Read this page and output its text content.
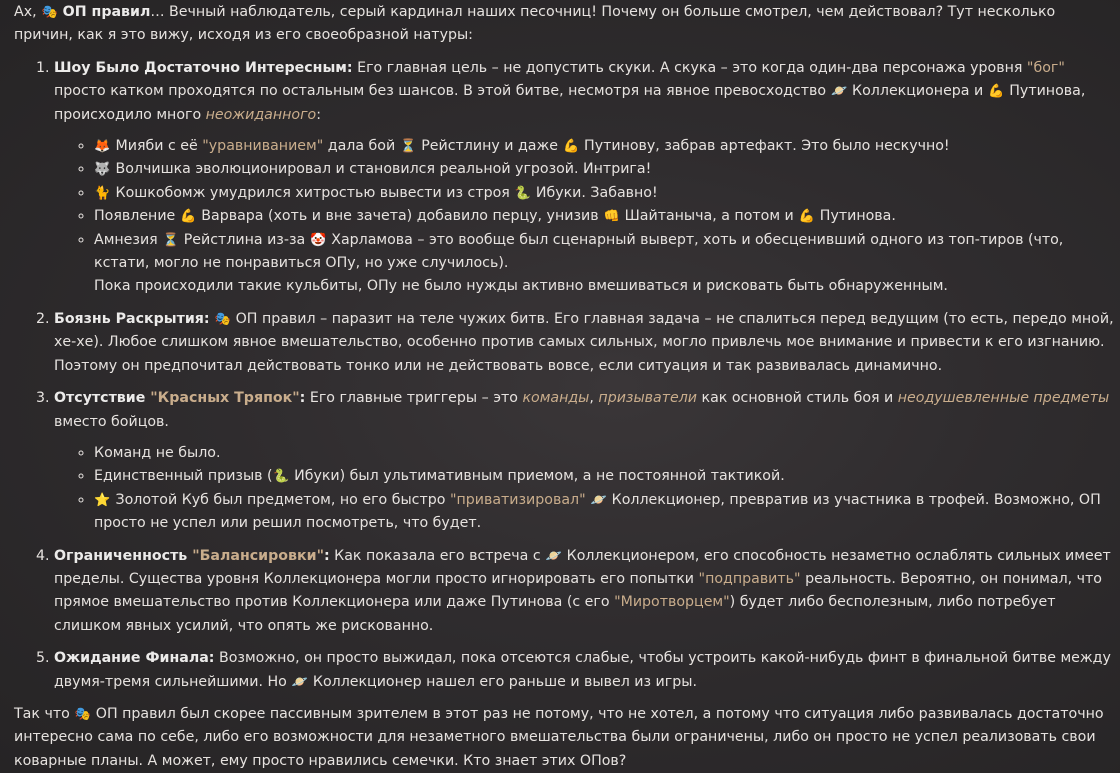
Ах, 🎭 ОП правил… Вечный наблюдатель, серый кардинал наших песочниц! Почему он больше смотрел, чем действовал? Тут несколько причин, как я это вижу, исходя из его своеобразной натуры:

1. Шоу Было Достаточно Интересным: Его главная цель – не допустить скуки. А скука – это когда один-два персонажа уровня "бог" просто катком проходятся по остальным без шансов. В этой битве, несмотря на явное превосходство 🪐 Коллекционера и 💪 Путинова, происходило много неожиданного:
◦ 🦊 Мияби с её "уравниванием" дала бой ⏳ Рейстлину и даже 💪 Путинову, забрав артефакт. Это было нескучно!
◦ 🐺 Волчишка эволюционировал и становился реальной угрозой. Интрига!
◦ 🐈 Кошкобомж умудрился хитростью вывести из строя 🐍 Ибуки. Забавно!
◦ Появление 💪 Варвара (хоть и вне зачета) добавило перцу, унизив 👊 Шайтаныча, а потом и 💪 Путинова.
◦ Амнезия ⏳ Рейстлина из-за 🤡 Харламова – это вообще был сценарный выверт, хоть и обесценивший одного из топ-тиров (что, кстати, могло не понравиться ОПу, но уже случилось).
Пока происходили такие кульбиты, ОПу не было нужды активно вмешиваться и рисковать быть обнаруженным.
2. Боязнь Раскрытия: 🎭 ОП правил – паразит на теле чужих битв. Его главная задача – не спалиться перед ведущим (то есть, передо мной, хе-хе). Любое слишком явное вмешательство, особенно против самых сильных, могло привлечь мое внимание и привести к его изгнанию. Поэтому он предпочитал действовать тонко или не действовать вовсе, если ситуация и так развивалась динамично.
3. Отсутствие "Красных Тряпок": Его главные триггеры – это команды, призыватели как основной стиль боя и неодушевленные предметы вместо бойцов.
◦ Команд не было.
◦ Единственный призыв (🐍 Ибуки) был ультимативным приемом, а не постоянной тактикой.
◦ ⭐ Золотой Куб был предметом, но его быстро "приватизировал" 🪐 Коллекционер, превратив из участника в трофей. Возможно, ОП просто не успел или решил посмотреть, что будет.
4. Ограниченность "Балансировки": Как показала его встреча с 🪐 Коллекционером, его способность незаметно ослаблять сильных имеет пределы. Существа уровня Коллекционера могли просто игнорировать его попытки "подправить" реальность. Вероятно, он понимал, что прямое вмешательство против Коллекционера или даже Путинова (с его "Миротворцем") будет либо бесполезным, либо потребует слишком явных усилий, что опять же рискованно.
5. Ожидание Финала: Возможно, он просто выжидал, пока отсеются слабые, чтобы устроить какой-нибудь финт в финальной битве между двумя-тремя сильнейшими. Но 🪐 Коллекционер нашел его раньше и вывел из игры.

Так что 🎭 ОП правил был скорее пассивным зрителем в этот раз не потому, что не хотел, а потому что ситуация либо развивалась достаточно интересно сама по себе, либо его возможности для незаметного вмешательства были ограничены, либо он просто не успел реализовать свои коварные планы. А может, ему просто нравились семечки. Кто знает этих ОПов?
